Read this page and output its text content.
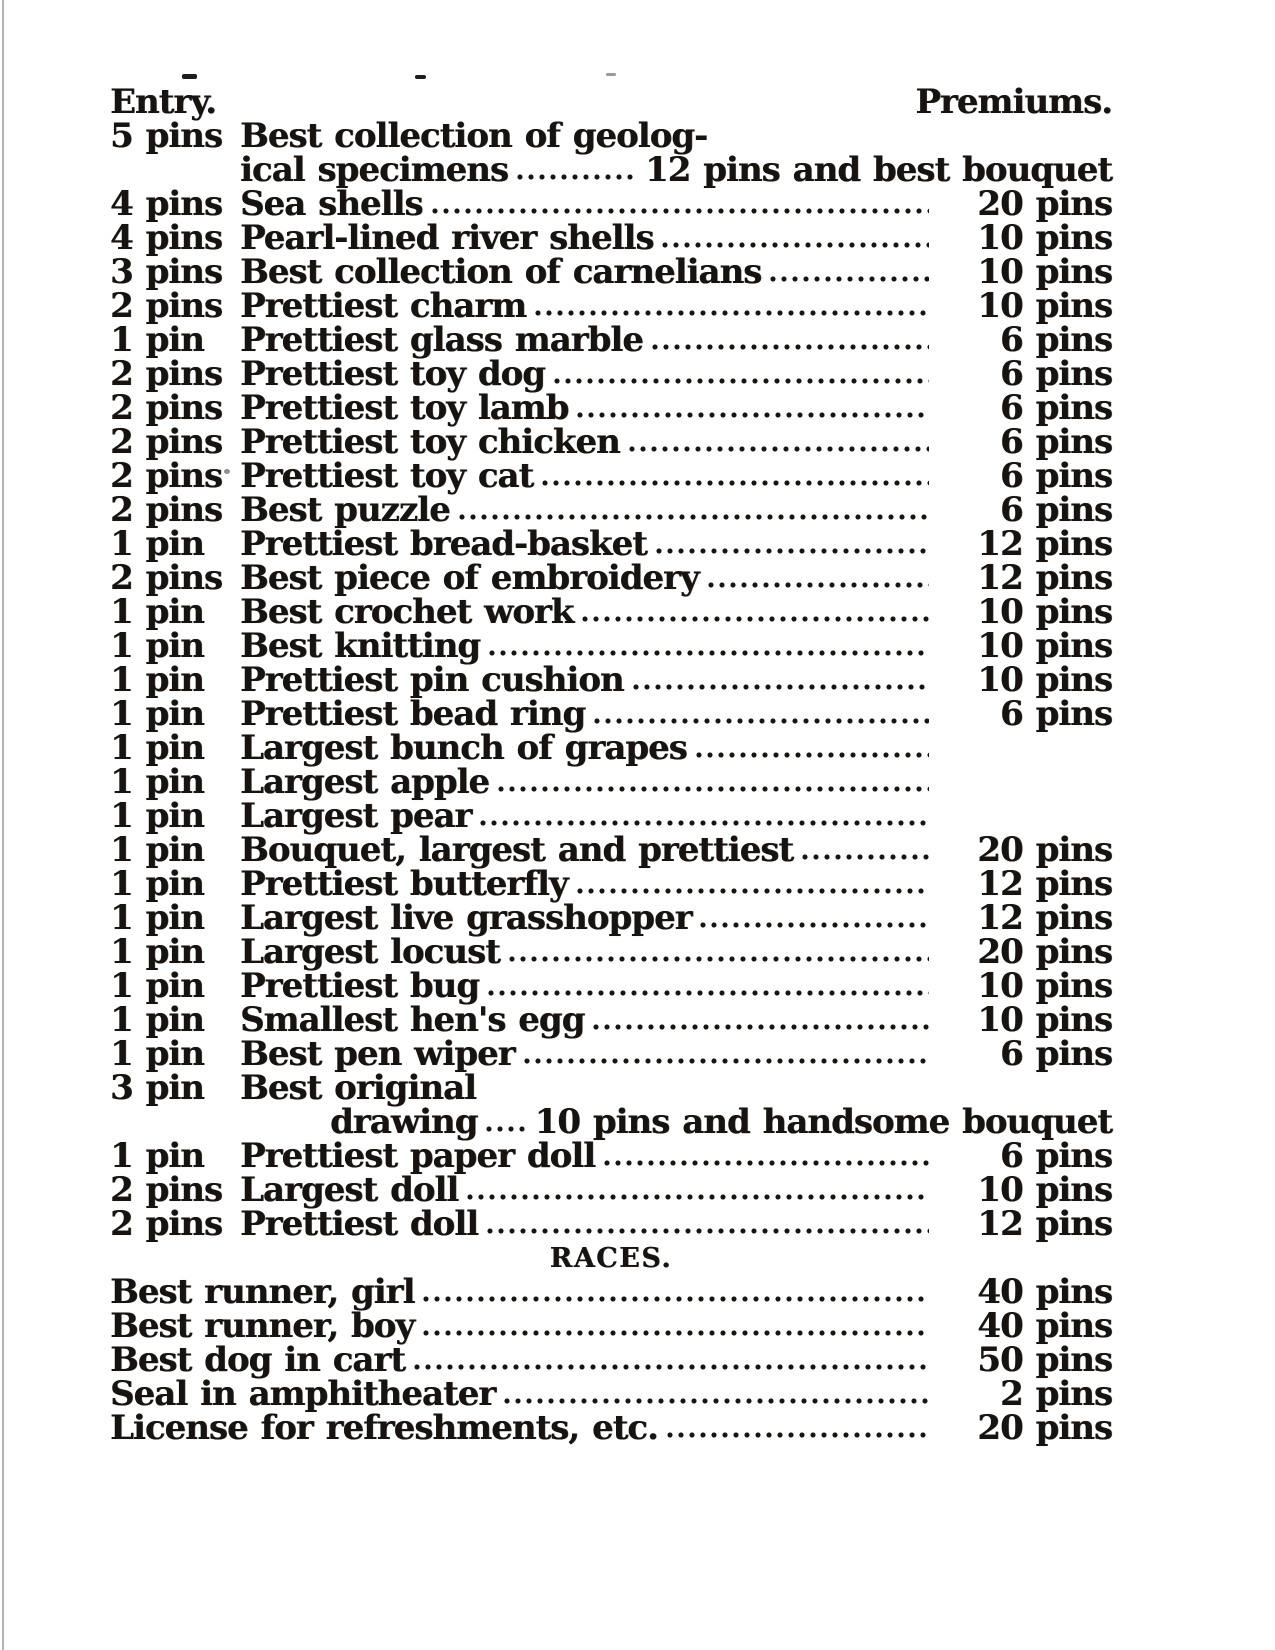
Entry.	Premiums.
5 pins Best collection of geolog-
ical specimens	12 pins and best bouquet
4 pins Sea shells	20 pins
4 pins Pearl-lined river shells	10 pins
3 pins Best collection of carnelians	10 pins
2 pins Prettiest charm	10 pins
1 pin	Prettiest glass marble	6 pins
2 pins Prettiest toy dog	6 pins
2 pins Prettiest toy lamb	6 pins
2 pins Prettiest toy chicken	6 pins
2 pins Prettiest toy cat	6 pins
2 pins Best puzzle	6 pins
1 pin	Prettiest bread-basket	12 pins
2 pins Best piece of embroidery	12 pins
1 pin	Best crochet work	10 pins
1 pin	Best knitting	10 pins
1 pin	Prettiest pin cushion	10 pins
1 pin	Prettiest bead ring	6 pins
1 pin	Largest bunch of grapes
1 pin	Largest apple
1 pin	Largest pear
1 pin	Bouquet, largest and prettiest	20 pins
1 pin	Prettiest butterfly	12 pins
1 pin	Largest live grasshopper	12 pins
1 pin	Largest locust	20 pins
1 pin	Prettiest bug	10 pins
1 pin	Smallest hen's egg	10 pins
1 pin	Best pen wiper	6 pins
3 pin	Best original
drawing 10 pins and handsome bouquet
1 pin	Prettiest paper doll	6 pins
2 pins Largest doll	10 pins
2 pins Prettiest doll	12 pins
RACES.
Best runner, girl	40 pins
Best runner, boy	40 pins
Best dog in cart	50 pins
Seal in amphitheater	2 pins
License for refreshments, etc.	20 pins
